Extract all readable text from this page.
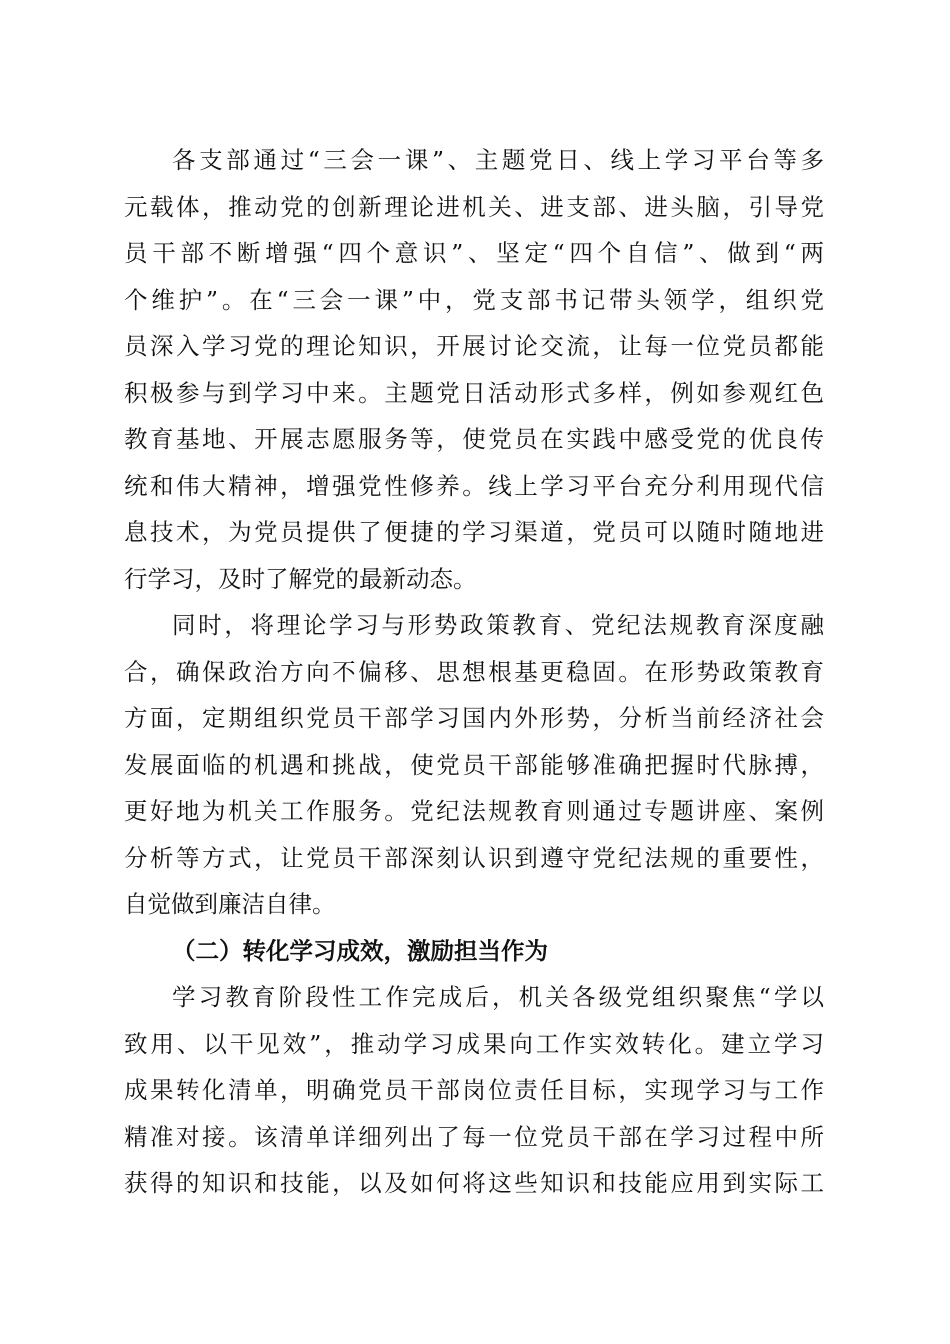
各支部通过“三会一课”、主题党日、线上学习平台等多
元载体，推动党的创新理论进机关、进支部、进头脑，引导党
员干部不断增强“四个意识”、坚定“四个自信”、做到“两
个维护”。在“三会一课”中，党支部书记带头领学，组织党
员深入学习党的理论知识，开展讨论交流，让每一位党员都能
积极参与到学习中来。主题党日活动形式多样，例如参观红色
教育基地、开展志愿服务等，使党员在实践中感受党的优良传
统和伟大精神，增强党性修养。线上学习平台充分利用现代信
息技术，为党员提供了便捷的学习渠道，党员可以随时随地进
行学习，及时了解党的最新动态。
同时，将理论学习与形势政策教育、党纪法规教育深度融
合，确保政治方向不偏移、思想根基更稳固。在形势政策教育
方面，定期组织党员干部学习国内外形势，分析当前经济社会
发展面临的机遇和挑战，使党员干部能够准确把握时代脉搏，
更好地为机关工作服务。党纪法规教育则通过专题讲座、案例
分析等方式，让党员干部深刻认识到遵守党纪法规的重要性，
自觉做到廉洁自律。
（二）转化学习成效，激励担当作为
学习教育阶段性工作完成后，机关各级党组织聚焦“学以
致用、以干见效”，推动学习成果向工作实效转化。建立学习
成果转化清单，明确党员干部岗位责任目标，实现学习与工作
精准对接。该清单详细列出了每一位党员干部在学习过程中所
获得的知识和技能，以及如何将这些知识和技能应用到实际工
